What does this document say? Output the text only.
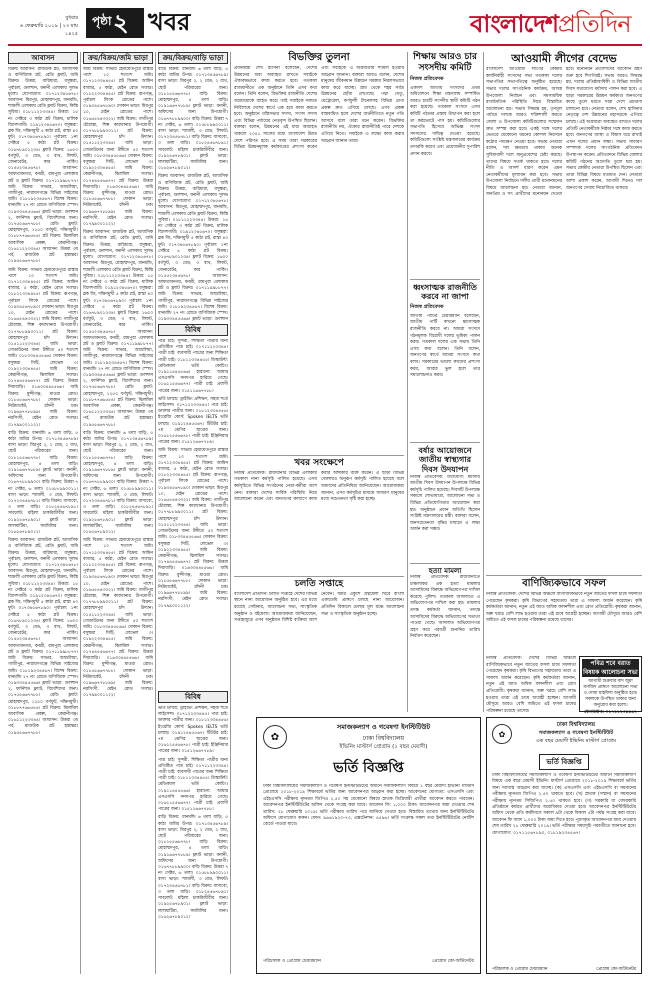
বুধবার
৬ ফেব্রুয়ারি ২০১৯ | ২৩ মাঘ ১৪২৫
পৃষ্ঠা ২ খবর	বাংলাদেশপ্রতিদিন
আবাসন
বিক্রয় আবাসন: রাজউক প্লট, আবাসিক ও বাণিজ্যিক প্লট, রেডি ফ্ল্যাট, জমি বিক্রয়। উত্তরা, বারিধারা, বসুন্ধরা, পূর্বাচল, গুলশান, বনানী এলাকায় সুলভ মূল্যে। যোগাযোগ: ০১৭১২৩৪৫৬৭৮। আবাসন: মিরপুর, মোহাম্মদপুর, ধানমন্ডি, শ্যামলী এলাকায় রেডি ফ্ল্যাট বিক্রয়, কিস্তি সুবিধা। ০১৮১১২২৩৩৪৪। উত্তরা: ১৫ নং সেক্টরে ৩ কাঠা প্লট বিক্রয়, মালিক বিদেশগামী। ০১৯১২৩৪৫৬৭০। বসুন্ধরা: ব্লক জি, দক্ষিণমুখী ৫ কাঠা প্লট, রাস্তা ৪০ ফুট। ০১৭৩৪৫৬৭৮৯০। পূর্বাচল: ১নং সেক্টরে ৫ কাঠা প্লট বিক্রয়। ০১৬৭৮৯০১২৩৪। ফ্ল্যাট বিক্রয়: ১৬০০ বর্গফুট, ৩ বেড, ৩ বাথ, লিফট, জেনারেটর, কার পার্কিং। ০১৫৫২৩৪৫৬৭৮। আবাসন: আফতাবনগর, বনশ্রী, রামপুরা এলাকায় প্লট ও ফ্ল্যাট বিক্রয়। ০১৭১১৯৯৮৮৭৭। জমি বিক্রয়: সাভার, আশুলিয়া, গাজীপুর, নারায়ণগঞ্জে বিভিন্ন সাইজের জমি। ০১৮১৯২৩৪৫৬৭। বিশেষ বিক্রয়: ধানমন্ডি ২৭ নং রোডে বাণিজ্যিক স্পেস। ০১৯৩৩৪৪৫৫৬৬। ফ্ল্যাট ভাড়া: গুলশান ২, ফার্নিশড ফ্ল্যাট, বিদেশিদের জন্য। ০১৭৫৫৬৬৭৭৮৮। রেডি ফ্ল্যাট: মোহাম্মদপুর, ১২৫০ বর্গফুট, দক্ষিণমুখী। ০১৮৮৭৭৬৬৫৫৪। প্লট বিক্রয়: ঝিলমিল আবাসিক প্রকল্প, কেরানীগঞ্জ। ০১৬১১২২৩৩৪৪। আবাসন: উত্তরা ৩য় পর্ব, রাজউক প্লট হস্তান্তর। ০১৯৫৫৬৬৭৭৮৮।
জমি বিক্রয়: সাভার হেমায়েতপুরে রাস্তার পাশে ১০ শতাংশ জমি। ০১৭১২৩৩৪৪৫৫। প্লট বিক্রয়: আমিন বাজার, ৫ কাঠা, মেইন রোড সংলগ্ন। ০১৮২২৩৩৪৪৫৫। প্লট বিক্রয়: রূপগঞ্জ, পূর্বাচল লিংক রোডের পাশে। ০১৯৩৪৫৬৭৮৯০। দোকান ভাড়া: মিরপুর ১০, মেইন রোডের পাশে। ০১৬৫৫৪৪৩৩২২। জমি বিক্রয়: গাজীপুর চৌরাস্তা, শিল্প কারখানার উপযোগী। ০১৭৭৮৮৯৯০০১১। প্লট বিক্রয়: মোহাম্মদপুর চাঁদ উদ্যান। ০১৫১১২২৩৩৪৪। জমি ভাড়া: গোডাউনের জন্য টঙ্গীতে ৫০ শতাংশ জমি। ০১৮৩৩৪৪৫৫৬৬। দোকান বিক্রয়: বসুন্ধরা সিটি, লেভেল ৩। ০১৯২২৩৩৪৪৫৫। জমি বিক্রয়: কেরানীগঞ্জ, ঝিলমিল সংলগ্ন। ০১৭৪৪৫৫৬৬৭৭। প্লট বিক্রয়: উত্তরা দিয়াবাড়ি। ০১৬৩৩৪৪৫৫৬৬। জমি বিক্রয়: মুন্সীগঞ্জ, মাওয়া রোড। ০১৮৫৫৬৬৭৭৮৮। দোকান ভাড়া: নিউমার্কেট, চাঁদনী চক। ০১৯৬৬৭৭৮৮৯৯। জমি বিক্রয়: নরসিংদী, মেইন রোড সংলগ্ন। ০১৭৯৯০০১১২২।
বাড়ি বিক্রয়: ধানমন্ডি ৬ তলা বাড়ি, ৫ কাঠা জমির উপর। ০১৭১৩৪৫৬৭৮৯। বাসা ভাড়া: মিরপুর ২, ২ বেড, ২ বাথ, ছোট পরিবারের জন্য। ০১৮১৫৫৬৬৭৭৮। বাড়ি বিক্রয়: মোহাম্মদপুর, ৪ তলা বাড়ি। ০১৯১৬৬৭৭৮৮৯। ফ্ল্যাট ভাড়া: বনানী, অফিসের জন্য উপযোগী। ০১৬৭৭৮৮৯৯০০। বাড়ি বিক্রয়: উত্তরা ৭ নং সেক্টর, ৬ তলা। ০১৫৮৮৯৯০০১১। বাসা ভাড়া: শ্যামলী, ৩ বেড, লিফট। ০১৭২৩৪৫৬৭৮১। বাড়ি বিক্রয়: বাসাবো, ৩ তলা বাড়ি। ০১৮২৪৫৬৭৮৯১। সাবলেট: মহিলা চাকরিজীবীর জন্য। ০১৯২৫৬৭৮৯০১। ফ্ল্যাট ভাড়া: লালমাটিয়া, ফ্যামিলির জন্য। ০১৬২৬৭৮৯০১২।
বিক্রয় আবাসন: রাজউক প্লট, আবাসিক ও বাণিজ্যিক প্লট, রেডি ফ্ল্যাট, জমি বিক্রয়। উত্তরা, বারিধারা, বসুন্ধরা, পূর্বাচল, গুলশান, বনানী এলাকায় সুলভ মূল্যে। যোগাযোগ: ০১৭১২৩৪৫৬৭৮। আবাসন: মিরপুর, মোহাম্মদপুর, ধানমন্ডি, শ্যামলী এলাকায় রেডি ফ্ল্যাট বিক্রয়, কিস্তি সুবিধা। ০১৮১১২২৩৩৪৪। উত্তরা: ১৫ নং সেক্টরে ৩ কাঠা প্লট বিক্রয়, মালিক বিদেশগামী। ০১৯১২৩৪৫৬৭০। বসুন্ধরা: ব্লক জি, দক্ষিণমুখী ৫ কাঠা প্লট, রাস্তা ৪০ ফুট। ০১৭৩৪৫৬৭৮৯০। পূর্বাচল: ১নং সেক্টরে ৫ কাঠা প্লট বিক্রয়। ০১৬৭৮৯০১২৩৪। ফ্ল্যাট বিক্রয়: ১৬০০ বর্গফুট, ৩ বেড, ৩ বাথ, লিফট, জেনারেটর, কার পার্কিং। ০১৫৫২৩৪৫৬৭৮। আবাসন: আফতাবনগর, বনশ্রী, রামপুরা এলাকায় প্লট ও ফ্ল্যাট বিক্রয়। ০১৭১১৯৯৮৮৭৭। জমি বিক্রয়: সাভার, আশুলিয়া, গাজীপুর, নারায়ণগঞ্জে বিভিন্ন সাইজের জমি। ০১৮১৯২৩৪৫৬৭। বিশেষ বিক্রয়: ধানমন্ডি ২৭ নং রোডে বাণিজ্যিক স্পেস। ০১৯৩৩৪৪৫৫৬৬। ফ্ল্যাট ভাড়া: গুলশান ২, ফার্নিশড ফ্ল্যাট, বিদেশিদের জন্য। ০১৭৫৫৬৬৭৭৮৮। রেডি ফ্ল্যাট: মোহাম্মদপুর, ১২৫০ বর্গফুট, দক্ষিণমুখী। ০১৮৮৭৭৬৬৫৫৪। প্লট বিক্রয়: ঝিলমিল আবাসিক প্রকল্প, কেরানীগঞ্জ। ০১৬১১২২৩৩৪৪। আবাসন: উত্তরা ৩য় পর্ব, রাজউক প্লট হস্তান্তর। ০১৯৫৫৬৬৭৭৮৮।
ক্রয়/বিক্রয়/জমি ভাড়া
জমি বিক্রয়: সাভার হেমায়েতপুরে রাস্তার পাশে ১০ শতাংশ জমি। ০১৭১২৩৩৪৪৫৫। প্লট বিক্রয়: আমিন বাজার, ৫ কাঠা, মেইন রোড সংলগ্ন। ০১৮২২৩৩৪৪৫৫। প্লট বিক্রয়: রূপগঞ্জ, পূর্বাচল লিংক রোডের পাশে। ০১৯৩৪৫৬৭৮৯০। দোকান ভাড়া: মিরপুর ১০, মেইন রোডের পাশে। ০১৬৫৫৪৪৩৩২২। জমি বিক্রয়: গাজীপুর চৌরাস্তা, শিল্প কারখানার উপযোগী। ০১৭৭৮৮৯৯০০১১। প্লট বিক্রয়: মোহাম্মদপুর চাঁদ উদ্যান। ০১৫১১২২৩৩৪৪। জমি ভাড়া: গোডাউনের জন্য টঙ্গীতে ৫০ শতাংশ জমি। ০১৮৩৩৪৪৫৫৬৬। দোকান বিক্রয়: বসুন্ধরা সিটি, লেভেল ৩। ০১৯২২৩৩৪৪৫৫। জমি বিক্রয়: কেরানীগঞ্জ, ঝিলমিল সংলগ্ন। ০১৭৪৪৫৫৬৬৭৭। প্লট বিক্রয়: উত্তরা দিয়াবাড়ি। ০১৬৩৩৪৪৫৫৬৬। জমি বিক্রয়: মুন্সীগঞ্জ, মাওয়া রোড। ০১৮৫৫৬৬৭৭৮৮। দোকান ভাড়া: নিউমার্কেট, চাঁদনী চক। ০১৯৬৬৭৭৮৮৯৯। জমি বিক্রয়: নরসিংদী, মেইন রোড সংলগ্ন। ০১৭৯৯০০১১২২।
বিক্রয় আবাসন: রাজউক প্লট, আবাসিক ও বাণিজ্যিক প্লট, রেডি ফ্ল্যাট, জমি বিক্রয়। উত্তরা, বারিধারা, বসুন্ধরা, পূর্বাচল, গুলশান, বনানী এলাকায় সুলভ মূল্যে। যোগাযোগ: ০১৭১২৩৪৫৬৭৮। আবাসন: মিরপুর, মোহাম্মদপুর, ধানমন্ডি, শ্যামলী এলাকায় রেডি ফ্ল্যাট বিক্রয়, কিস্তি সুবিধা। ০১৮১১২২৩৩৪৪। উত্তরা: ১৫ নং সেক্টরে ৩ কাঠা প্লট বিক্রয়, মালিক বিদেশগামী। ০১৯১২৩৪৫৬৭০। বসুন্ধরা: ব্লক জি, দক্ষিণমুখী ৫ কাঠা প্লট, রাস্তা ৪০ ফুট। ০১৭৩৪৫৬৭৮৯০। পূর্বাচল: ১নং সেক্টরে ৫ কাঠা প্লট বিক্রয়। ০১৬৭৮৯০১২৩৪। ফ্ল্যাট বিক্রয়: ১৬০০ বর্গফুট, ৩ বেড, ৩ বাথ, লিফট, জেনারেটর, কার পার্কিং। ০১৫৫২৩৪৫৬৭৮। আবাসন: আফতাবনগর, বনশ্রী, রামপুরা এলাকায় প্লট ও ফ্ল্যাট বিক্রয়। ০১৭১১৯৯৮৮৭৭। জমি বিক্রয়: সাভার, আশুলিয়া, গাজীপুর, নারায়ণগঞ্জে বিভিন্ন সাইজের জমি। ০১৮১৯২৩৪৫৬৭। বিশেষ বিক্রয়: ধানমন্ডি ২৭ নং রোডে বাণিজ্যিক স্পেস। ০১৯৩৩৪৪৫৫৬৬। ফ্ল্যাট ভাড়া: গুলশান ২, ফার্নিশড ফ্ল্যাট, বিদেশিদের জন্য। ০১৭৫৫৬৬৭৭৮৮। রেডি ফ্ল্যাট: মোহাম্মদপুর, ১২৫০ বর্গফুট, দক্ষিণমুখী। ০১৮৮৭৭৬৬৫৫৪। প্লট বিক্রয়: ঝিলমিল আবাসিক প্রকল্প, কেরানীগঞ্জ। ০১৬১১২২৩৩৪৪। আবাসন: উত্তরা ৩য় পর্ব, রাজউক প্লট হস্তান্তর। ০১৯৫৫৬৬৭৭৮৮।
বাড়ি বিক্রয়: ধানমন্ডি ৬ তলা বাড়ি, ৫ কাঠা জমির উপর। ০১৭১৩৪৫৬৭৮৯। বাসা ভাড়া: মিরপুর ২, ২ বেড, ২ বাথ, ছোট পরিবারের জন্য। ০১৮১৫৫৬৬৭৭৮। বাড়ি বিক্রয়: মোহাম্মদপুর, ৪ তলা বাড়ি। ০১৯১৬৬৭৭৮৮৯। ফ্ল্যাট ভাড়া: বনানী, অফিসের জন্য উপযোগী। ০১৬৭৭৮৮৯৯০০। বাড়ি বিক্রয়: উত্তরা ৭ নং সেক্টর, ৬ তলা। ০১৫৮৮৯৯০০১১। বাসা ভাড়া: শ্যামলী, ৩ বেড, লিফট। ০১৭২৩৪৫৬৭৮১। বাড়ি বিক্রয়: বাসাবো, ৩ তলা বাড়ি। ০১৮২৪৫৬৭৮৯১। সাবলেট: মহিলা চাকরিজীবীর জন্য। ০১৯২৫৬৭৮৯০১। ফ্ল্যাট ভাড়া: লালমাটিয়া, ফ্যামিলির জন্য। ০১৬২৬৭৮৯০১২।
জমি বিক্রয়: সাভার হেমায়েতপুরে রাস্তার পাশে ১০ শতাংশ জমি। ০১৭১২৩৩৪৪৫৫। প্লট বিক্রয়: আমিন বাজার, ৫ কাঠা, মেইন রোড সংলগ্ন। ০১৮২২৩৩৪৪৫৫। প্লট বিক্রয়: রূপগঞ্জ, পূর্বাচল লিংক রোডের পাশে। ০১৯৩৪৫৬৭৮৯০। দোকান ভাড়া: মিরপুর ১০, মেইন রোডের পাশে। ০১৬৫৫৪৪৩৩২২। জমি বিক্রয়: গাজীপুর চৌরাস্তা, শিল্প কারখানার উপযোগী। ০১৭৭৮৮৯৯০০১১। প্লট বিক্রয়: মোহাম্মদপুর চাঁদ উদ্যান। ০১৫১১২২৩৩৪৪। জমি ভাড়া: গোডাউনের জন্য টঙ্গীতে ৫০ শতাংশ জমি। ০১৮৩৩৪৪৫৫৬৬। দোকান বিক্রয়: বসুন্ধরা সিটি, লেভেল ৩। ০১৯২২৩৩৪৪৫৫। জমি বিক্রয়: কেরানীগঞ্জ, ঝিলমিল সংলগ্ন। ০১৭৪৪৫৫৬৬৭৭। প্লট বিক্রয়: উত্তরা দিয়াবাড়ি। ০১৬৩৩৪৪৫৫৬৬। জমি বিক্রয়: মুন্সীগঞ্জ, মাওয়া রোড। ০১৮৫৫৬৬৭৭৮৮। দোকান ভাড়া: নিউমার্কেট, চাঁদনী চক। ০১৯৬৬৭৭৮৮৯৯। জমি বিক্রয়: নরসিংদী, মেইন রোড সংলগ্ন। ০১৭৯৯০০১১২২।
ক্রয়/বিক্রয়/বাড়ি ভাড়া
বাড়ি বিক্রয়: ধানমন্ডি ৬ তলা বাড়ি, ৫ কাঠা জমির উপর। ০১৭১৩৪৫৬৭৮৯। বাসা ভাড়া: মিরপুর ২, ২ বেড, ২ বাথ, ছোট পরিবারের জন্য। ০১৮১৫৫৬৬৭৭৮। বাড়ি বিক্রয়: মোহাম্মদপুর, ৪ তলা বাড়ি। ০১৯১৬৬৭৭৮৮৯। ফ্ল্যাট ভাড়া: বনানী, অফিসের জন্য উপযোগী। ০১৬৭৭৮৮৯৯০০। বাড়ি বিক্রয়: উত্তরা ৭ নং সেক্টর, ৬ তলা। ০১৫৮৮৯৯০০১১। বাসা ভাড়া: শ্যামলী, ৩ বেড, লিফট। ০১৭২৩৪৫৬৭৮১। বাড়ি বিক্রয়: বাসাবো, ৩ তলা বাড়ি। ০১৮২৪৫৬৭৮৯১। সাবলেট: মহিলা চাকরিজীবীর জন্য। ০১৯২৫৬৭৮৯০১। ফ্ল্যাট ভাড়া: লালমাটিয়া, ফ্যামিলির জন্য। ০১৬২৬৭৮৯০১২।
বিক্রয় আবাসন: রাজউক প্লট, আবাসিক ও বাণিজ্যিক প্লট, রেডি ফ্ল্যাট, জমি বিক্রয়। উত্তরা, বারিধারা, বসুন্ধরা, পূর্বাচল, গুলশান, বনানী এলাকায় সুলভ মূল্যে। যোগাযোগ: ০১৭১২৩৪৫৬৭৮। আবাসন: মিরপুর, মোহাম্মদপুর, ধানমন্ডি, শ্যামলী এলাকায় রেডি ফ্ল্যাট বিক্রয়, কিস্তি সুবিধা। ০১৮১১২২৩৩৪৪। উত্তরা: ১৫ নং সেক্টরে ৩ কাঠা প্লট বিক্রয়, মালিক বিদেশগামী। ০১৯১২৩৪৫৬৭০। বসুন্ধরা: ব্লক জি, দক্ষিণমুখী ৫ কাঠা প্লট, রাস্তা ৪০ ফুট। ০১৭৩৪৫৬৭৮৯০। পূর্বাচল: ১নং সেক্টরে ৫ কাঠা প্লট বিক্রয়। ০১৬৭৮৯০১২৩৪। ফ্ল্যাট বিক্রয়: ১৬০০ বর্গফুট, ৩ বেড, ৩ বাথ, লিফট, জেনারেটর, কার পার্কিং। ০১৫৫২৩৪৫৬৭৮। আবাসন: আফতাবনগর, বনশ্রী, রামপুরা এলাকায় প্লট ও ফ্ল্যাট বিক্রয়। ০১৭১১৯৯৮৮৭৭। জমি বিক্রয়: সাভার, আশুলিয়া, গাজীপুর, নারায়ণগঞ্জে বিভিন্ন সাইজের জমি। ০১৮১৯২৩৪৫৬৭। বিশেষ বিক্রয়: ধানমন্ডি ২৭ নং রোডে বাণিজ্যিক স্পেস। ০১৯৩৩৪৪৫৫৬৬। ফ্ল্যাট ভাড়া: গুলশান
বিবিধ
পাত্র চাই: সুন্দরী, শিক্ষিতা পাত্রীর জন্য প্রতিষ্ঠিত পাত্র চাই। ০১৭১১২২৩৩৪৪। পাত্রী চাই: ব্যবসায়ী পাত্রের জন্য শিক্ষিতা পাত্রী চাই। ০১৮১১৩৩৪৪৫৫। ডিস্কাউন্ট: মেডিক্যাল ভর্তি কোচিং। ০১৯১১৪৪৫৫৬৬। হারানো: আমার এসএসসি সনদপত্র হারিয়ে গেছে। ০১৬১১৫৫৬৬৭৭। পাত্রী চাই: প্রবাসী পাত্রের জন্য। ০১৫১১৬৬৭৭৮৮।
ভর্তি চলছে: ড্রাইভিং প্রশিক্ষণ, সহজ শর্তে লাইসেন্স। ০১৭১২২৩৩৪৪৫। পাত্র চাই: ডাক্তার পাত্রীর জন্য। ০১৮১২৩৩৪৪৫৬। ইংরেজি কোর্স: Spoken IELTS ভর্তি চলছে। ০১৯১২৪৪৫৫৬৭। টিউটর চাই: ৭ম শ্রেণির ছাত্রের জন্য। ০১৬১২৫৫৬৬৭৮। পাত্রী চাই: ইঞ্জিনিয়ার পাত্রের জন্য। ০১৫১২৬৬৭৭৮৯।
জমি বিক্রয়: সাভার হেমায়েতপুরে রাস্তার পাশে ১০ শতাংশ জমি। ০১৭১২৩৩৪৪৫৫। প্লট বিক্রয়: আমিন বাজার, ৫ কাঠা, মেইন রোড সংলগ্ন। ০১৮২২৩৩৪৪৫৫। প্লট বিক্রয়: রূপগঞ্জ, পূর্বাচল লিংক রোডের পাশে। ০১৯৩৪৫৬৭৮৯০। দোকান ভাড়া: মিরপুর ১০, মেইন রোডের পাশে। ০১৬৫৫৪৪৩৩২২। জমি বিক্রয়: গাজীপুর চৌরাস্তা, শিল্প কারখানার উপযোগী। ০১৭৭৮৮৯৯০০১১। প্লট বিক্রয়: মোহাম্মদপুর চাঁদ উদ্যান। ০১৫১১২২৩৩৪৪। জমি ভাড়া: গোডাউনের জন্য টঙ্গীতে ৫০ শতাংশ জমি। ০১৮৩৩৪৪৫৫৬৬। দোকান বিক্রয়: বসুন্ধরা সিটি, লেভেল ৩। ০১৯২২৩৩৪৪৫৫। জমি বিক্রয়: কেরানীগঞ্জ, ঝিলমিল সংলগ্ন। ০১৭৪৪৫৫৬৬৭৭। প্লট বিক্রয়: উত্তরা দিয়াবাড়ি। ০১৬৩৩৪৪৫৫৬৬। জমি বিক্রয়: মুন্সীগঞ্জ, মাওয়া রোড। ০১৮৫৫৬৬৭৭৮৮। দোকান ভাড়া: নিউমার্কেট, চাঁদনী চক। ০১৯৬৬৭৭৮৮৯৯। জমি বিক্রয়: নরসিংদী, মেইন রোড সংলগ্ন। ০১৭৯৯০০১১২২।
বিবিধ
ভর্তি চলছে: ড্রাইভিং প্রশিক্ষণ, সহজ শর্তে লাইসেন্স। ০১৭১২২৩৩৪৪৫। পাত্র চাই: ডাক্তার পাত্রীর জন্য। ০১৮১২৩৩৪৪৫৬। ইংরেজি কোর্স: Spoken IELTS ভর্তি চলছে। ০১৯১২৪৪৫৫৬৭। টিউটর চাই: ৭ম শ্রেণির ছাত্রের জন্য। ০১৬১২৫৫৬৬৭৮। পাত্রী চাই: ইঞ্জিনিয়ার পাত্রের জন্য। ০১৫১২৬৬৭৭৮৯।
পাত্র চাই: সুন্দরী, শিক্ষিতা পাত্রীর জন্য প্রতিষ্ঠিত পাত্র চাই। ০১৭১১২২৩৩৪৪। পাত্রী চাই: ব্যবসায়ী পাত্রের জন্য শিক্ষিতা পাত্রী চাই। ০১৮১১৩৩৪৪৫৫। ডিস্কাউন্ট: মেডিক্যাল ভর্তি কোচিং। ০১৯১১৪৪৫৫৬৬। হারানো: আমার এসএসসি সনদপত্র হারিয়ে গেছে। ০১৬১১৫৫৬৬৭৭। পাত্রী চাই: প্রবাসী পাত্রের জন্য। ০১৫১১৬৬৭৭৮৮।
বাড়ি বিক্রয়: ধানমন্ডি ৬ তলা বাড়ি, ৫ কাঠা জমির উপর। ০১৭১৩৪৫৬৭৮৯। বাসা ভাড়া: মিরপুর ২, ২ বেড, ২ বাথ, ছোট পরিবারের জন্য। ০১৮১৫৫৬৬৭৭৮। বাড়ি বিক্রয়: মোহাম্মদপুর, ৪ তলা বাড়ি। ০১৯১৬৬৭৭৮৮৯। ফ্ল্যাট ভাড়া: বনানী, অফিসের জন্য উপযোগী। ০১৬৭৭৮৮৯৯০০। বাড়ি বিক্রয়: উত্তরা ৭ নং সেক্টর, ৬ তলা। ০১৫৮৮৯৯০০১১। বাসা ভাড়া: শ্যামলী, ৩ বেড, লিফট। ০১৭২৩৪৫৬৭৮১। বাড়ি বিক্রয়: বাসাবো, ৩ তলা বাড়ি। ০১৮২৪৫৬৭৮৯১। সাবলেট: মহিলা চাকরিজীবীর জন্য। ০১৯২৫৬৭৮৯০১। ফ্ল্যাট ভাড়া: লালমাটিয়া, ফ্যামিলির জন্য। ০১৬২৬৭৮৯০১২।
বিভক্তির তুলনা
প্রধানমন্ত্রী শেখ হাসিনা বলেছেন, দেশের উন্নয়নের ধারা অব্যাহত রাখতে সবাইকে ঐক্যবদ্ধভাবে কাজ করতে হবে। গতকাল রাজধানীতে এক অনুষ্ঠানে তিনি এসব কথা বলেন। তিনি বলেন, বিভক্তির রাজনীতি দেশের অগ্রযাত্রাকে ব্যাহত করে। তাই সবাইকে দলমত নির্বিশেষে দেশের স্বার্থে এক হয়ে কাজ করতে হবে। অনুষ্ঠানে মন্ত্রিসভার সদস্য, সংসদ সদস্য এবং বিভিন্ন পর্যায়ের নেতৃবৃন্দ উপস্থিত ছিলেন। বক্তারা বলেন, উন্নয়নের এই ধারা অব্যাহত থাকলে ২০৪১ সালের মধ্যে বাংলাদেশ উন্নত দেশে পরিণত হবে। এ সময় তারা সরকারের বিভিন্ন উন্নয়নমূলক কর্মকাণ্ডের প্রশংসা করেন এবং সবাইকে এ অগ্রযাত্রায় শামিল হওয়ার আহ্বান জানান। বক্তারা আরও বলেন, দেশের মানুষের জীবনমান উন্নয়নে সরকার নিরলসভাবে কাজ করে যাচ্ছে। গ্রাম থেকে শহর সর্বত্র উন্নয়নের ছোঁয়া লেগেছে। পদ্মা সেতু, মেট্রোরেল, কর্ণফুলী টানেলসহ বিভিন্ন মেগা প্রকল্প দ্রুত এগিয়ে চলছে। এসব প্রকল্প বাস্তবায়িত হলে দেশের অর্থনীতিতে নতুন গতি আসবে বলে তারা মনে করেন। বিভক্তির রাজনীতি নয়, ঐক্যের রাজনীতিই পারে দেশকে এগিয়ে নিতে। সবাইকে এ লক্ষ্যে কাজ করার আহ্বান জানান তারা।
খবর সংক্ষেপে
নিজস্ব প্রতিবেদক: রাজধানীর বিভিন্ন এলাকায় গতকাল নানা কর্মসূচি পালিত হয়েছে। এসব কর্মসূচিতে বিভিন্ন সংগঠনের নেতা-কর্মীরা অংশ নেন। বক্তারা দেশের সার্বিক পরিস্থিতি নিয়ে আলোচনা করেন এবং জনগণের কল্যাণে কাজ করার অঙ্গীকার ব্যক্ত করেন। এ ছাড়া বিভিন্ন জেলায়ও অনুরূপ কর্মসূচি পালিত হয়েছে বলে আমাদের প্রতিনিধিরা জানিয়েছেন। আয়োজকরা জানান, এসব কর্মসূচির মাধ্যমে সাধারণ মানুষের মধ্যে সচেতনতা সৃষ্টি করা হচ্ছে।
চলতি সপ্তাহে
বাংলাদেশ প্রতিদিন: চলতি সপ্তাহে দেশের বিভিন্ন স্থানে নানা আয়োজন অনুষ্ঠিত হবে। এর মধ্যে রয়েছে সেমিনার, আলোচনা সভা, সাংস্কৃতিক অনুষ্ঠান ও বইমেলা। আয়োজকরা জানিয়েছেন, সপ্তাহজুড়ে এসব অনুষ্ঠানে বিশিষ্ট ব্যক্তিরা অংশ নেবেন। অমর একুশে গ্রন্থমেলা ঘিরে বাংলা একাডেমি প্রাঙ্গণে চলছে নানা আয়োজন। প্রতিদিন বিকালে মেলার মূল মঞ্চে আলোচনা সভা ও সাংস্কৃতিক অনুষ্ঠান হচ্ছে।
শিক্ষায় আরও চার সংসদীয় কমিটি
নিজস্ব প্রতিবেদক
একাদশ জাতীয় সংসদের প্রথম অধিবেশনে শিক্ষা মন্ত্রণালয় সম্পর্কিত আরও চারটি সংসদীয় স্থায়ী কমিটি গঠন করা হয়েছে। গতকাল সংসদে এসব কমিটি গঠনের প্রস্তাব উত্থাপন করা হলে তা কণ্ঠভোটে পাস হয়। কমিটিগুলোর সভাপতি হিসেবে অভিজ্ঞ সংসদ সদস্যদের দায়িত্ব দেওয়া হয়েছে। কমিটিগুলো সংশ্লিষ্ট মন্ত্রণালয়ের কার্যক্রম তদারকি করবে এবং প্রয়োজনীয় সুপারিশ প্রদান করবে।
ধ্বংসাত্মক রাজনীতি করবে না জাপা
নিজস্ব প্রতিবেদক
জাতীয় পার্টির চেয়ারম্যান বলেছেন, জাতীয় পার্টি কখনো ধ্বংসাত্মক রাজনীতি করবে না। আমরা সংসদে গঠনমূলক বিরোধী দলের ভূমিকা পালন করব। গতকাল দলের এক সভায় তিনি এসব কথা বলেন। তিনি বলেন, জনগণের স্বার্থে আমরা সংসদে কথা বলব। সরকারের ভালো কাজের প্রশংসা করব, আবার ভুল হলে তার সমালোচনাও করব।
বর্ষার আয়োজনে জাতীয় স্বাস্থ্যগার দিবস উদযাপন
নিজস্ব প্রতিবেদক: যথাযোগ্য মর্যাদায় জাতীয় দিবস উদযাপন উপলক্ষে বিভিন্ন কর্মসূচি পালিত হয়েছে। দিবসটি উপলক্ষে সকালে শোভাযাত্রা, আলোচনা সভা ও বিভিন্ন প্রতিযোগিতার আয়োজন করা হয়। অনুষ্ঠানে প্রধান অতিথি ছিলেন সংশ্লিষ্ট মন্ত্রণালয়ের মন্ত্রী। বক্তারা বলেন, জনসচেতনতা বৃদ্ধির মাধ্যমে এ লক্ষ্য অর্জন করা সম্ভব।
হত্যা মামলা
নিজস্ব প্রতিবেদক: রাজধানীতে চাঞ্চল্যকর এক হত্যা মামলার আসামিদের বিরুদ্ধে অভিযোগপত্র দাখিল করেছে পুলিশ। গতকাল আদালতে এ অভিযোগপত্র দাখিল করা হয়। মামলার তদন্ত কর্মকর্তা জানান, তদন্তে আসামিদের বিরুদ্ধে অভিযোগের সত্যতা পাওয়া গেছে। আদালত অভিযোগপত্র গ্রহণ করে পরবর্তী শুনানির তারিখ নির্ধারণ করেছেন।
আওয়ামী লীগের বেদেভ
বাংলাদেশ আওয়ামী লীগের কেন্দ্রীয় কার্যনির্বাহী সংসদের সভা গতকাল দলের সভাপতির সভাপতিত্বে অনুষ্ঠিত হয়েছে। সভায় দলের সাংগঠনিক কার্যক্রম, আসন্ন উপজেলা নির্বাচন এবং সমসাময়িক রাজনৈতিক পরিস্থিতি নিয়ে বিস্তারিত আলোচনা হয়। সভায় সিদ্ধান্ত হয়, তৃণমূল পর্যায়ে দলকে আরও শক্তিশালী করতে জেলা ও উপজেলা কমিটিগুলোর সম্মেলন দ্রুত সম্পন্ন করা হবে। একই সঙ্গে দলের ভেতরে যেকোনো ধরনের কোন্দল নিরসনে কঠোর পদক্ষেপ নেওয়া হবে। সভায় নেতারা বলেন, দল ক্ষমতায় থাকায় অনেক সুবিধাবাদী দলে অনুপ্রবেশের চেষ্টা করছে। তাদের বিষয়ে সতর্ক থাকতে হবে। দলের নীতি ও আদর্শ ধারণ করেন এমন নেতাকর্মীদের মূল্যায়ন করা হবে। সভায় উপজেলা নির্বাচনে দলীয় প্রার্থী মনোনয়নের বিষয়ে আলোচনা হয়। নেতারা জানান, জনপ্রিয় ও সৎ প্রার্থীদের মনোনয়ন দেওয়া হবে। মনোনয়ন প্রত্যাশীদের আবেদন গ্রহণ শুরু হবে শিগগিরই। সভায় আরও সিদ্ধান্ত হয়, দলের প্রতিষ্ঠাবার্ষিকী ও বিভিন্ন জাতীয় দিবস যথাযোগ্য মর্যাদায় পালন করা হবে। এ ছাড়া সরকারের উন্নয়ন কর্মকাণ্ড জনগণের কাছে তুলে ধরতে সারা দেশে প্রচারণা চালানো হবে। নেতারা বলেন, শেখ হাসিনার নেতৃত্বে দেশ উন্নয়নের মহাসড়কে এগিয়ে চলছে। এই অগ্রযাত্রা অব্যাহত রাখতে দলের প্রতিটি নেতাকর্মীকে নিষ্ঠার সঙ্গে কাজ করতে হবে। জনগণের আস্থা ও বিশ্বাস ধরে রাখাই এখন দলের প্রধান লক্ষ্য। সভায় সাধারণ সম্পাদক দলের সাংগঠনিক প্রতিবেদন উপস্থাপন করেন। প্রতিবেদনে বিভিন্ন জেলার কমিটি গঠনের অগ্রগতি তুলে ধরা হয়। সভায় কেন্দ্রীয় নেতারা উপস্থিত ছিলেন এবং তারা বিভিন্ন বিষয়ে মতামত দেন। নেতারা আশা প্রকাশ করেন, আগামী দিনেও দল জনগণের সেবায় নিয়োজিত থাকবে।
বাণিজ্যিকভাবে সফল
নিজস্ব প্রতিবেদক: দেশের বিভিন্ন অঞ্চলে বাণিজ্যিকভাবে নতুন জাতের ফসল চাষে সফলতা পেয়েছেন কৃষকরা। কৃষি বিভাগের সহায়তায় তারা এ সাফল্য অর্জন করেছেন। কৃষি কর্মকর্তারা জানান, নতুন এই জাত অধিক ফলনশীল এবং রোগ প্রতিরোধী। কৃষকরা জানান, অল্প খরচে বেশি লাভ হওয়ায় তারা এই চাষে আগ্রহী হচ্ছেন। আগামী মৌসুমে আরও বেশি জমিতে এই ফসল চাষের পরিকল্পনা রয়েছে তাদের।
নিজস্ব প্রতিবেদক: দেশের বিভিন্ন অঞ্চলে বাণিজ্যিকভাবে নতুন জাতের ফসল চাষে সফলতা পেয়েছেন কৃষকরা। কৃষি বিভাগের সহায়তায় তারা এ সাফল্য অর্জন করেছেন। কৃষি কর্মকর্তারা জানান, নতুন এই জাত অধিক ফলনশীল এবং রোগ প্রতিরোধী। কৃষকরা জানান, অল্প খরচে বেশি লাভ হওয়ায় তারা এই চাষে আগ্রহী হচ্ছেন। আগামী মৌসুমে আরও বেশি জমিতে এই ফসল চাষের পরিকল্পনা রয়েছে তাদের।
পবিত্র শবে বরাত বিষয়ক আলোচনা সভা
আগামী শুক্রবার বাদ জুমা মসজিদ প্রাঙ্গণে আলোচনা সভা ও দোয়া মাহফিল অনুষ্ঠিত হবে। সকলকে উপস্থিত থাকার জন্য অনুরোধ করা হলো।
যোগাযোগ: ০১৭১১২৩৪৫৬৭
✿
সমাজকল্যাণ ও গবেষণা ইনস্টিটিউট
ঢাকা বিশ্ববিদ্যালয়
ইভিনিং মাস্টার্স প্রোগ্রাম (১ বছর মেয়াদী)
ভর্তি বিজ্ঞপ্তি
ঢাকা বিশ্ববিদ্যালয়ের সমাজকল্যাণ ও গবেষণা ইনস্টিটিউটের অধীনে সমাজকল্যাণ বিষয়ে ১ বছর মেয়াদী ইভিনিং মাস্টার্স প্রোগ্রামে ২০১৮-২০১৯ শিক্ষাবর্ষে ভর্তির জন্য আবেদনপত্র আহ্বান করা হচ্ছে। আবেদনের যোগ্যতা: এসএসসি এবং এইচএসসি পরীক্ষায় ন্যূনতম জিপিএ ২.৫০ সহ যেকোনো বিষয়ে স্নাতক ডিগ্রিধারী প্রার্থীরা আবেদন করতে পারবেন। আবেদনপত্র ইনস্টিটিউটের অফিস থেকে সংগ্রহ করা যাবে। আবেদন ফি: ১,০০০ টাকা। আবেদনপত্র জমা দেওয়ার শেষ তারিখ: ২৮ ফেব্রুয়ারি ২০১৯। ভর্তি পরীক্ষার তারিখ পরে জানিয়ে দেওয়া হবে। বিস্তারিত তথ্যের জন্য ইনস্টিটিউটের অফিসে যোগাযোগ করুন। ফোন: ৯৬৬১৯২০-৭৩, এক্সটেনশন: ৪৫৯৬। ভর্তি সংক্রান্ত সকল তথ্য ইনস্টিটিউটের নোটিশ বোর্ডে পাওয়া যাবে।
পরিচালক ও প্রোগ্রাম চেয়ারম্যান	প্রোগ্রাম কো-অর্ডিনেটর
✿
ঢাকা বিশ্ববিদ্যালয়
সমাজকল্যাণ ও গবেষণা ইনস্টিটিউট
এক বছর মেয়াদী ইভিনিং মাস্টার্স প্রোগ্রাম
ভর্তি বিজ্ঞপ্তি
ঢাকা বিশ্ববিদ্যালয়ের সমাজকল্যাণ ও গবেষণা ইনস্টিটিউটের অধীনে সমাজকল্যাণ বিষয়ে এক বছর মেয়াদী ইভিনিং মাস্টার্স প্রোগ্রামে ২০১৮-২০১৯ শিক্ষাবর্ষে ভর্তির জন্য দরখাস্ত আহ্বান করা যাচ্ছে। (ক) এসএসসি এবং এইচএসসি বা সমমানের পরীক্ষায় ন্যূনতম জিপিএ ২.৫০ থাকতে হবে। (খ) স্নাতক (সম্মান) বা সমমানের পরীক্ষায় ন্যূনতম সিজিপিএ ২.৫০ থাকতে হবে। (গ) সরকারি বা বেসরকারি প্রতিষ্ঠানে কর্মরত প্রার্থীদের অগ্রাধিকার দেওয়া হবে। আবেদনপত্র ইনস্টিটিউটের অফিস থেকে প্রতি কর্মদিবসে সকাল ৯টা থেকে বিকাল ৫টা পর্যন্ত সংগ্রহ করা যাবে। আবেদন ফি বাবদ ১,০০০ টাকা জমা দিতে হবে। পূরণকৃত আবেদনপত্র জমা দেওয়ার শেষ তারিখ ২৮ ফেব্রুয়ারি ২০১৯। ভর্তি পরীক্ষার সময়সূচি পরবর্তীতে জানানো হবে। যোগাযোগ: ০১৭১১৫৬৭৮৯০, ০১৮১৯২৩৪৫৬৭।
পরিচালক ও প্রোগ্রাম চেয়ারম্যান	প্রোগ্রাম কো-অর্ডিনেটর
